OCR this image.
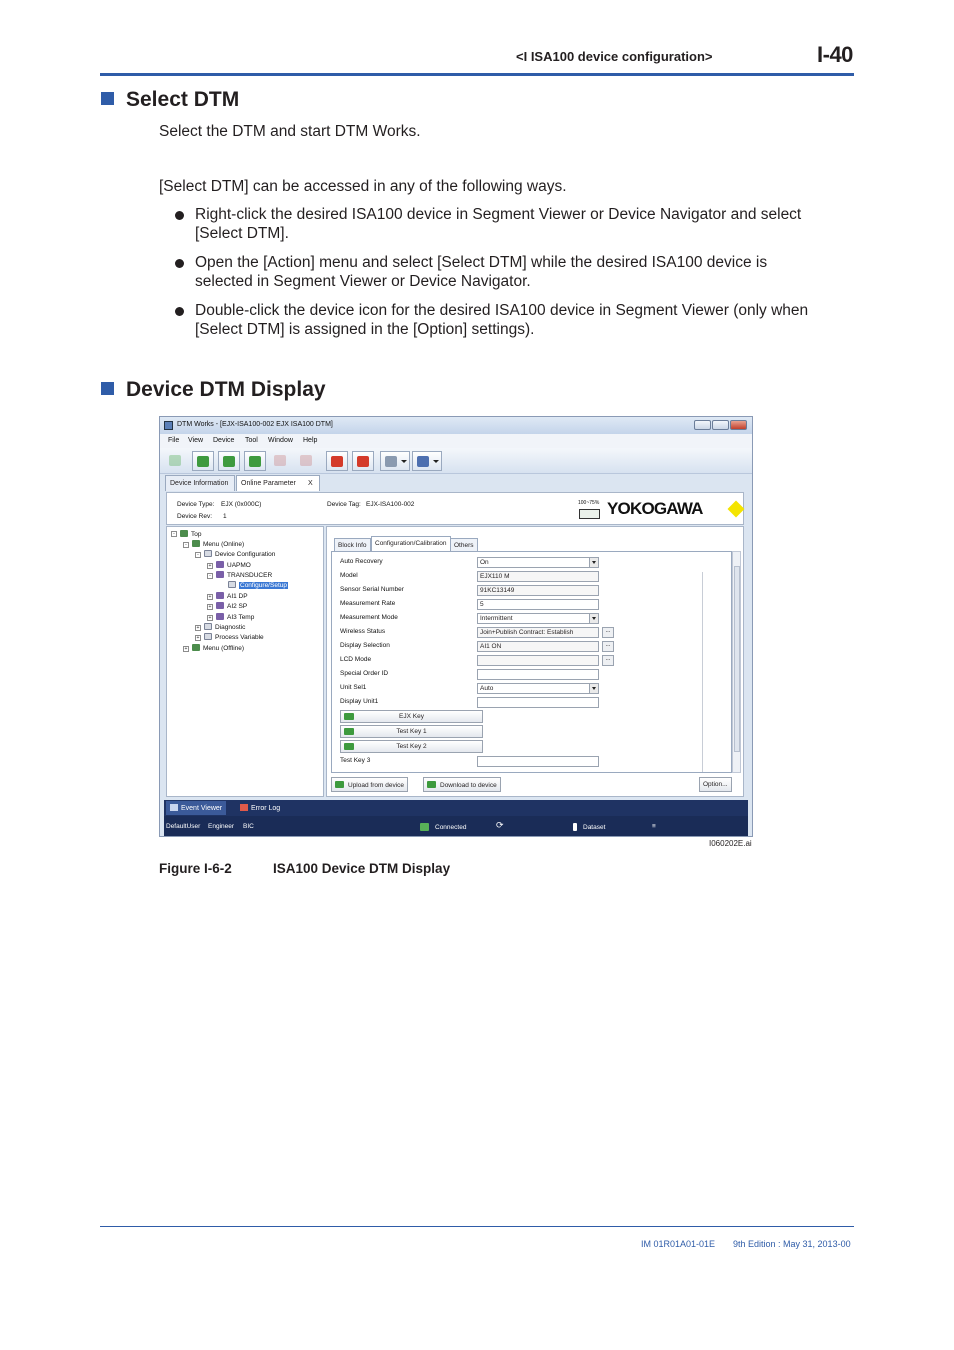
<I ISA100 device configuration>	I-40
Select DTM
Select the DTM and start DTM Works.
[Select DTM] can be accessed in any of the following ways.
Right-click the desired ISA100 device in Segment Viewer or Device Navigator and select
[Select DTM].
Open the [Action] menu and select [Select DTM] while the desired ISA100 device is
selected in Segment Viewer or Device Navigator.
Double-click the device icon for the desired ISA100 device in Segment Viewer (only when
[Select DTM] is assigned in the [Option] settings).
Device DTM Display
DTM Works - [EJX-ISA100-002 EJX ISA100 DTM]
File View Device Tool Window Help
Device Information	Online Parameter	X
Device Type: EJX (0x000C)
Device Rev: 1
Device Tag: EJX-ISA100-002	100~75% YOKOGAWA
-	Top
-	Menu (Online)
-	Device Configuration
+	UAPMO
-	TRANSDUCER
Configure/Setup
+	AI1 DP
+	AI2 SP
+	AI3 Temp
+	Diagnostic
+	Process Variable
+	Menu (Offline)
Block Info	Configuration/Calibration	Others
Auto Recovery	On
Model	EJX110 M
Sensor Serial Number	91KC13149
Measurement Rate	5
Measurement Mode	Intermittent
Wireless Status	Join+Publish Contract: Establish	...
Display Selection	AI1 ON	...
LCD Mode	...
Special Order ID
Unit Sel1	Auto
Display Unit1
EJX Key
Test Key 1
Test Key 2
Test Key 3
Upload from device	Download to device	Option...
Event Viewer	Error Log
DefaultUser Engineer BIC	Connected	⟳	Dataset	≡
I060202E.ai
Figure I-6-2	ISA100 Device DTM Display
IM 01R01A01-01E 9th Edition : May 31, 2013-00
